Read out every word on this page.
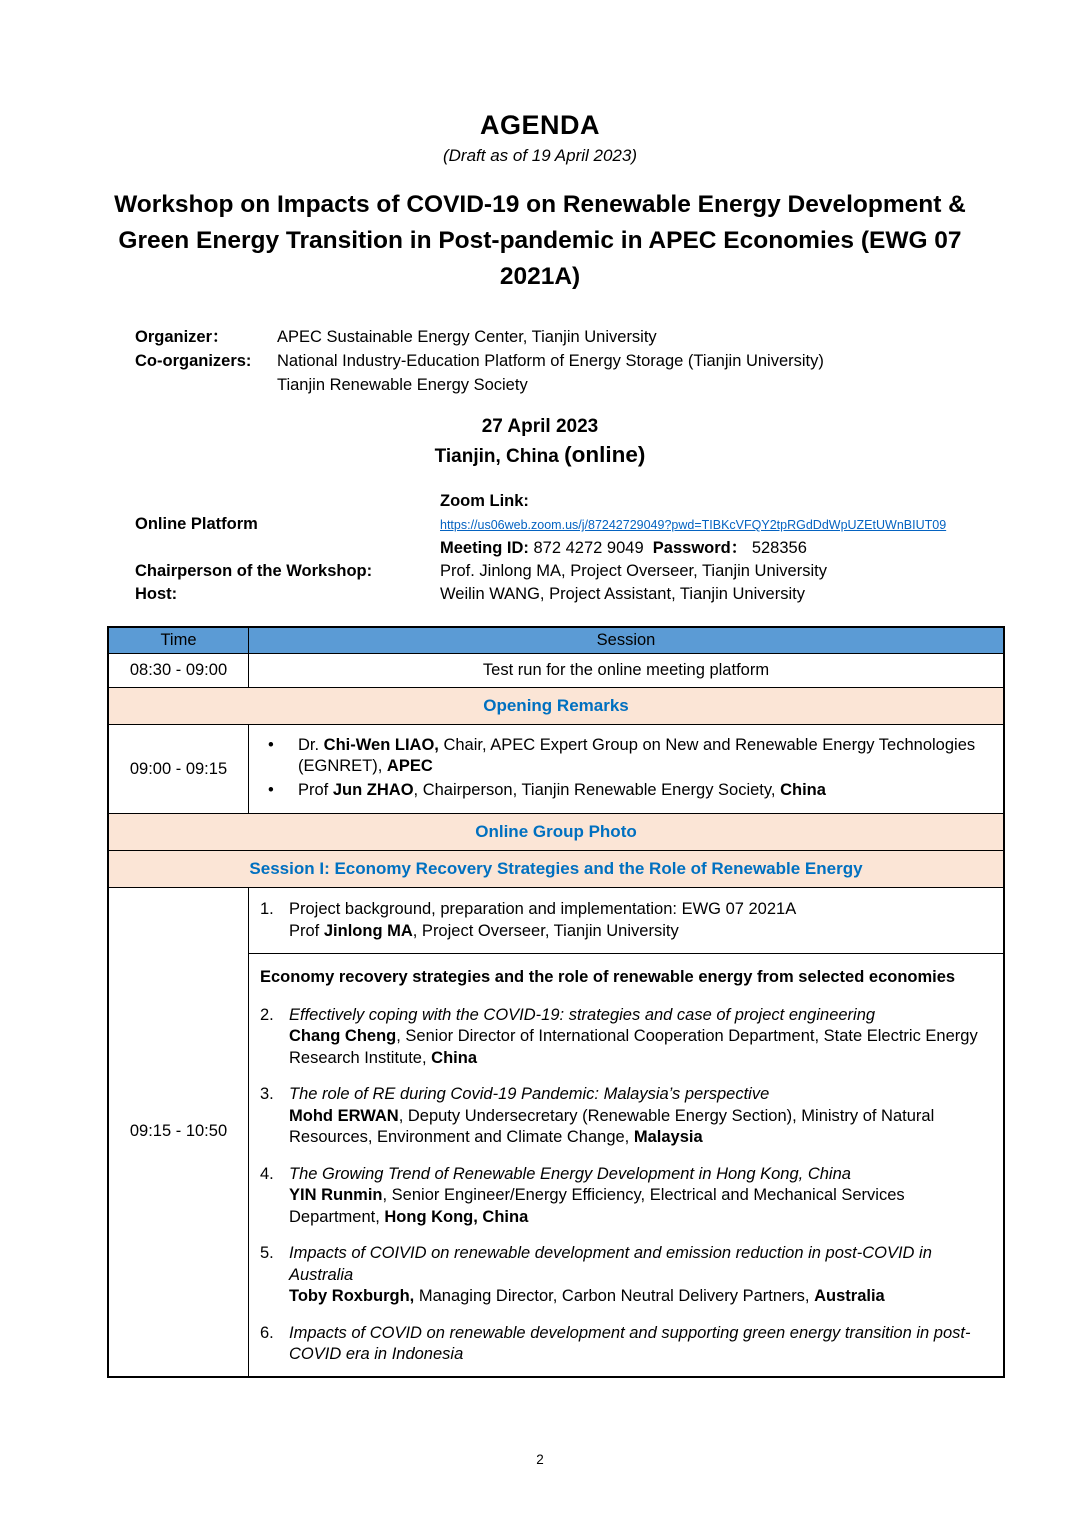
AGENDA
(Draft as of 19 April 2023)
Workshop on Impacts of COVID-19 on Renewable Energy Development & Green Energy Transition in Post-pandemic in APEC Economies (EWG 07 2021A)
Organizer：	APEC Sustainable Energy Center, Tianjin University
Co-organizers:	National Industry-Education Platform of Energy Storage (Tianjin University)
Tianjin Renewable Energy Society
27 April 2023
Tianjin, China (online)
Zoom Link:
Online Platform	https://us06web.zoom.us/j/87242729049?pwd=TIBKcVFQY2tpRGdDdWpUZEtUWnBIUT09
Meeting ID: 872 4272 9049  Password： 528356
Chairperson of the Workshop:	Prof. Jinlong MA, Project Overseer, Tianjin University
Host:	Weilin WANG, Project Assistant, Tianjin University
Time	Session
08:30 - 09:00	Test run for the online meeting platform
Opening Remarks
09:00 - 09:15
• Dr. Chi-Wen LIAO, Chair, APEC Expert Group on New and Renewable Energy Technologies (EGNRET), APEC
• Prof Jun ZHAO, Chairperson, Tianjin Renewable Energy Society, China
Online Group Photo
Session I: Economy Recovery Strategies and the Role of Renewable Energy
09:15 - 10:50
1. Project background, preparation and implementation: EWG 07 2021A
Prof Jinlong MA, Project Overseer, Tianjin University
Economy recovery strategies and the role of renewable energy from selected economies
2. Effectively coping with the COVID-19: strategies and case of project engineering
Chang Cheng, Senior Director of International Cooperation Department, State Electric Energy Research Institute, China
3. The role of RE during Covid-19 Pandemic: Malaysia’s perspective
Mohd ERWAN, Deputy Undersecretary (Renewable Energy Section), Ministry of Natural Resources, Environment and Climate Change, Malaysia
4. The Growing Trend of Renewable Energy Development in Hong Kong, China
YIN Runmin, Senior Engineer/Energy Efficiency, Electrical and Mechanical Services Department, Hong Kong, China
5. Impacts of COIVID on renewable development and emission reduction in post-COVID in Australia
Toby Roxburgh, Managing Director, Carbon Neutral Delivery Partners, Australia
6. Impacts of COVID on renewable development and supporting green energy transition in post-COVID era in Indonesia
2
